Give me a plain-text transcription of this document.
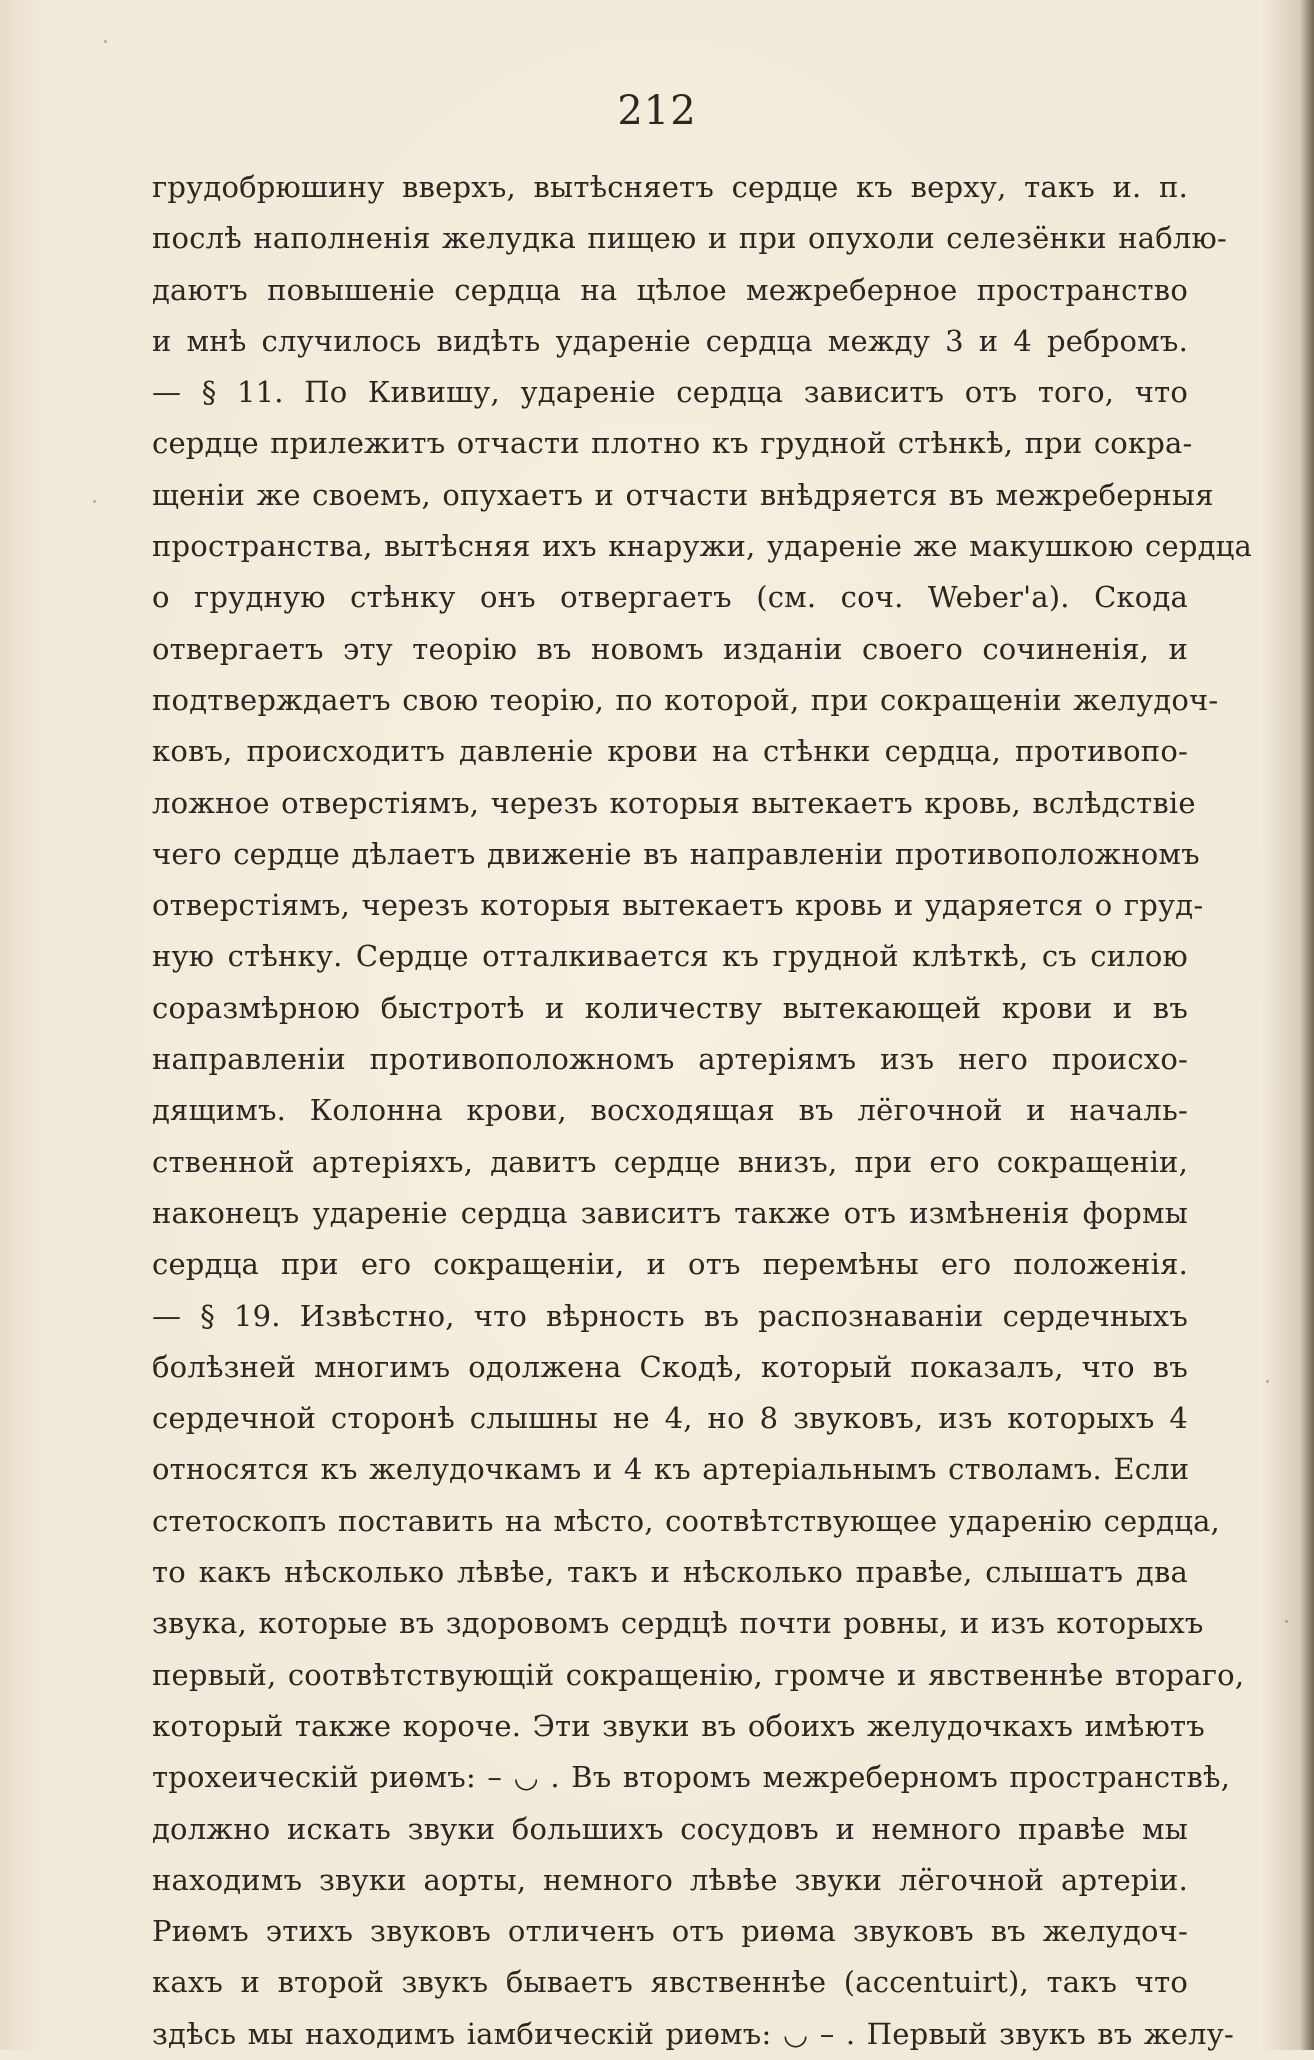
212
грудобрюшину вверхъ, вытѣсняетъ сердце къ верху, такъ и. п.
послѣ наполненія желудка пищею и при опухоли селезёнки наблю-
даютъ повышеніе сердца на цѣлое межреберное пространство
и мнѣ случилось видѣть удареніе сердца между 3 и 4 ребромъ.
— § 11. По Кивишу, удареніе сердца зависитъ отъ того, что
сердце прилежитъ отчасти плотно къ грудной стѣнкѣ, при сокра-
щеніи же своемъ, опухаетъ и отчасти внѣдряется въ межреберныя
пространства, вытѣсняя ихъ кнаружи, удареніе же макушкою сердца
о грудную стѣнку онъ отвергаетъ (см. соч. Weber'a). Скода
отвергаетъ эту теорію въ новомъ изданіи своего сочиненія, и
подтверждаетъ свою теорію, по которой, при сокращеніи желудоч-
ковъ, происходитъ давленіе крови на стѣнки сердца, противопо-
ложное отверстіямъ, черезъ которыя вытекаетъ кровь, вслѣдствіе
чего сердце дѣлаетъ движеніе въ направленіи противоположномъ
отверстіямъ, черезъ которыя вытекаетъ кровь и ударяется о груд-
ную стѣнку. Сердце отталкивается къ грудной клѣткѣ, съ силою
соразмѣрною быстротѣ и количеству вытекающей крови и въ
направленіи противоположномъ артеріямъ изъ него происхо-
дящимъ. Колонна крови, восходящая въ лёгочной и началь-
ственной артеріяхъ, давитъ сердце внизъ, при его сокращеніи,
наконецъ удареніе сердца зависитъ также отъ измѣненія формы
сердца при его сокращеніи, и отъ перемѣны его положенія.
— § 19. Извѣстно, что вѣрность въ распознаваніи сердечныхъ
болѣзней многимъ одолжена Скодѣ, который показалъ, что въ
сердечной сторонѣ слышны не 4, но 8 звуковъ, изъ которыхъ 4
относятся къ желудочкамъ и 4 къ артеріальнымъ стволамъ. Если
стетоскопъ поставить на мѣсто, соотвѣтствующее ударенію сердца,
то какъ нѣсколько лѣвѣе, такъ и нѣсколько правѣе, слышатъ два
звука, которые въ здоровомъ сердцѣ почти ровны, и изъ которыхъ
первый, соотвѣтствующій сокращенію, громче и явственнѣе втораго,
который также короче. Эти звуки въ обоихъ желудочкахъ имѣютъ
трохеическій риѳмъ: – ◡ . Въ второмъ межреберномъ пространствѣ,
должно искать звуки большихъ сосудовъ и немного правѣе мы
находимъ звуки аорты, немного лѣвѣе звуки лёгочной артеріи.
Риѳмъ этихъ звуковъ отличенъ отъ риѳма звуковъ въ желудоч-
кахъ и второй звукъ бываетъ явственнѣе (accentuirt), такъ что
здѣсь мы находимъ іамбическій риѳмъ: ◡ – . Первый звукъ въ желу-
